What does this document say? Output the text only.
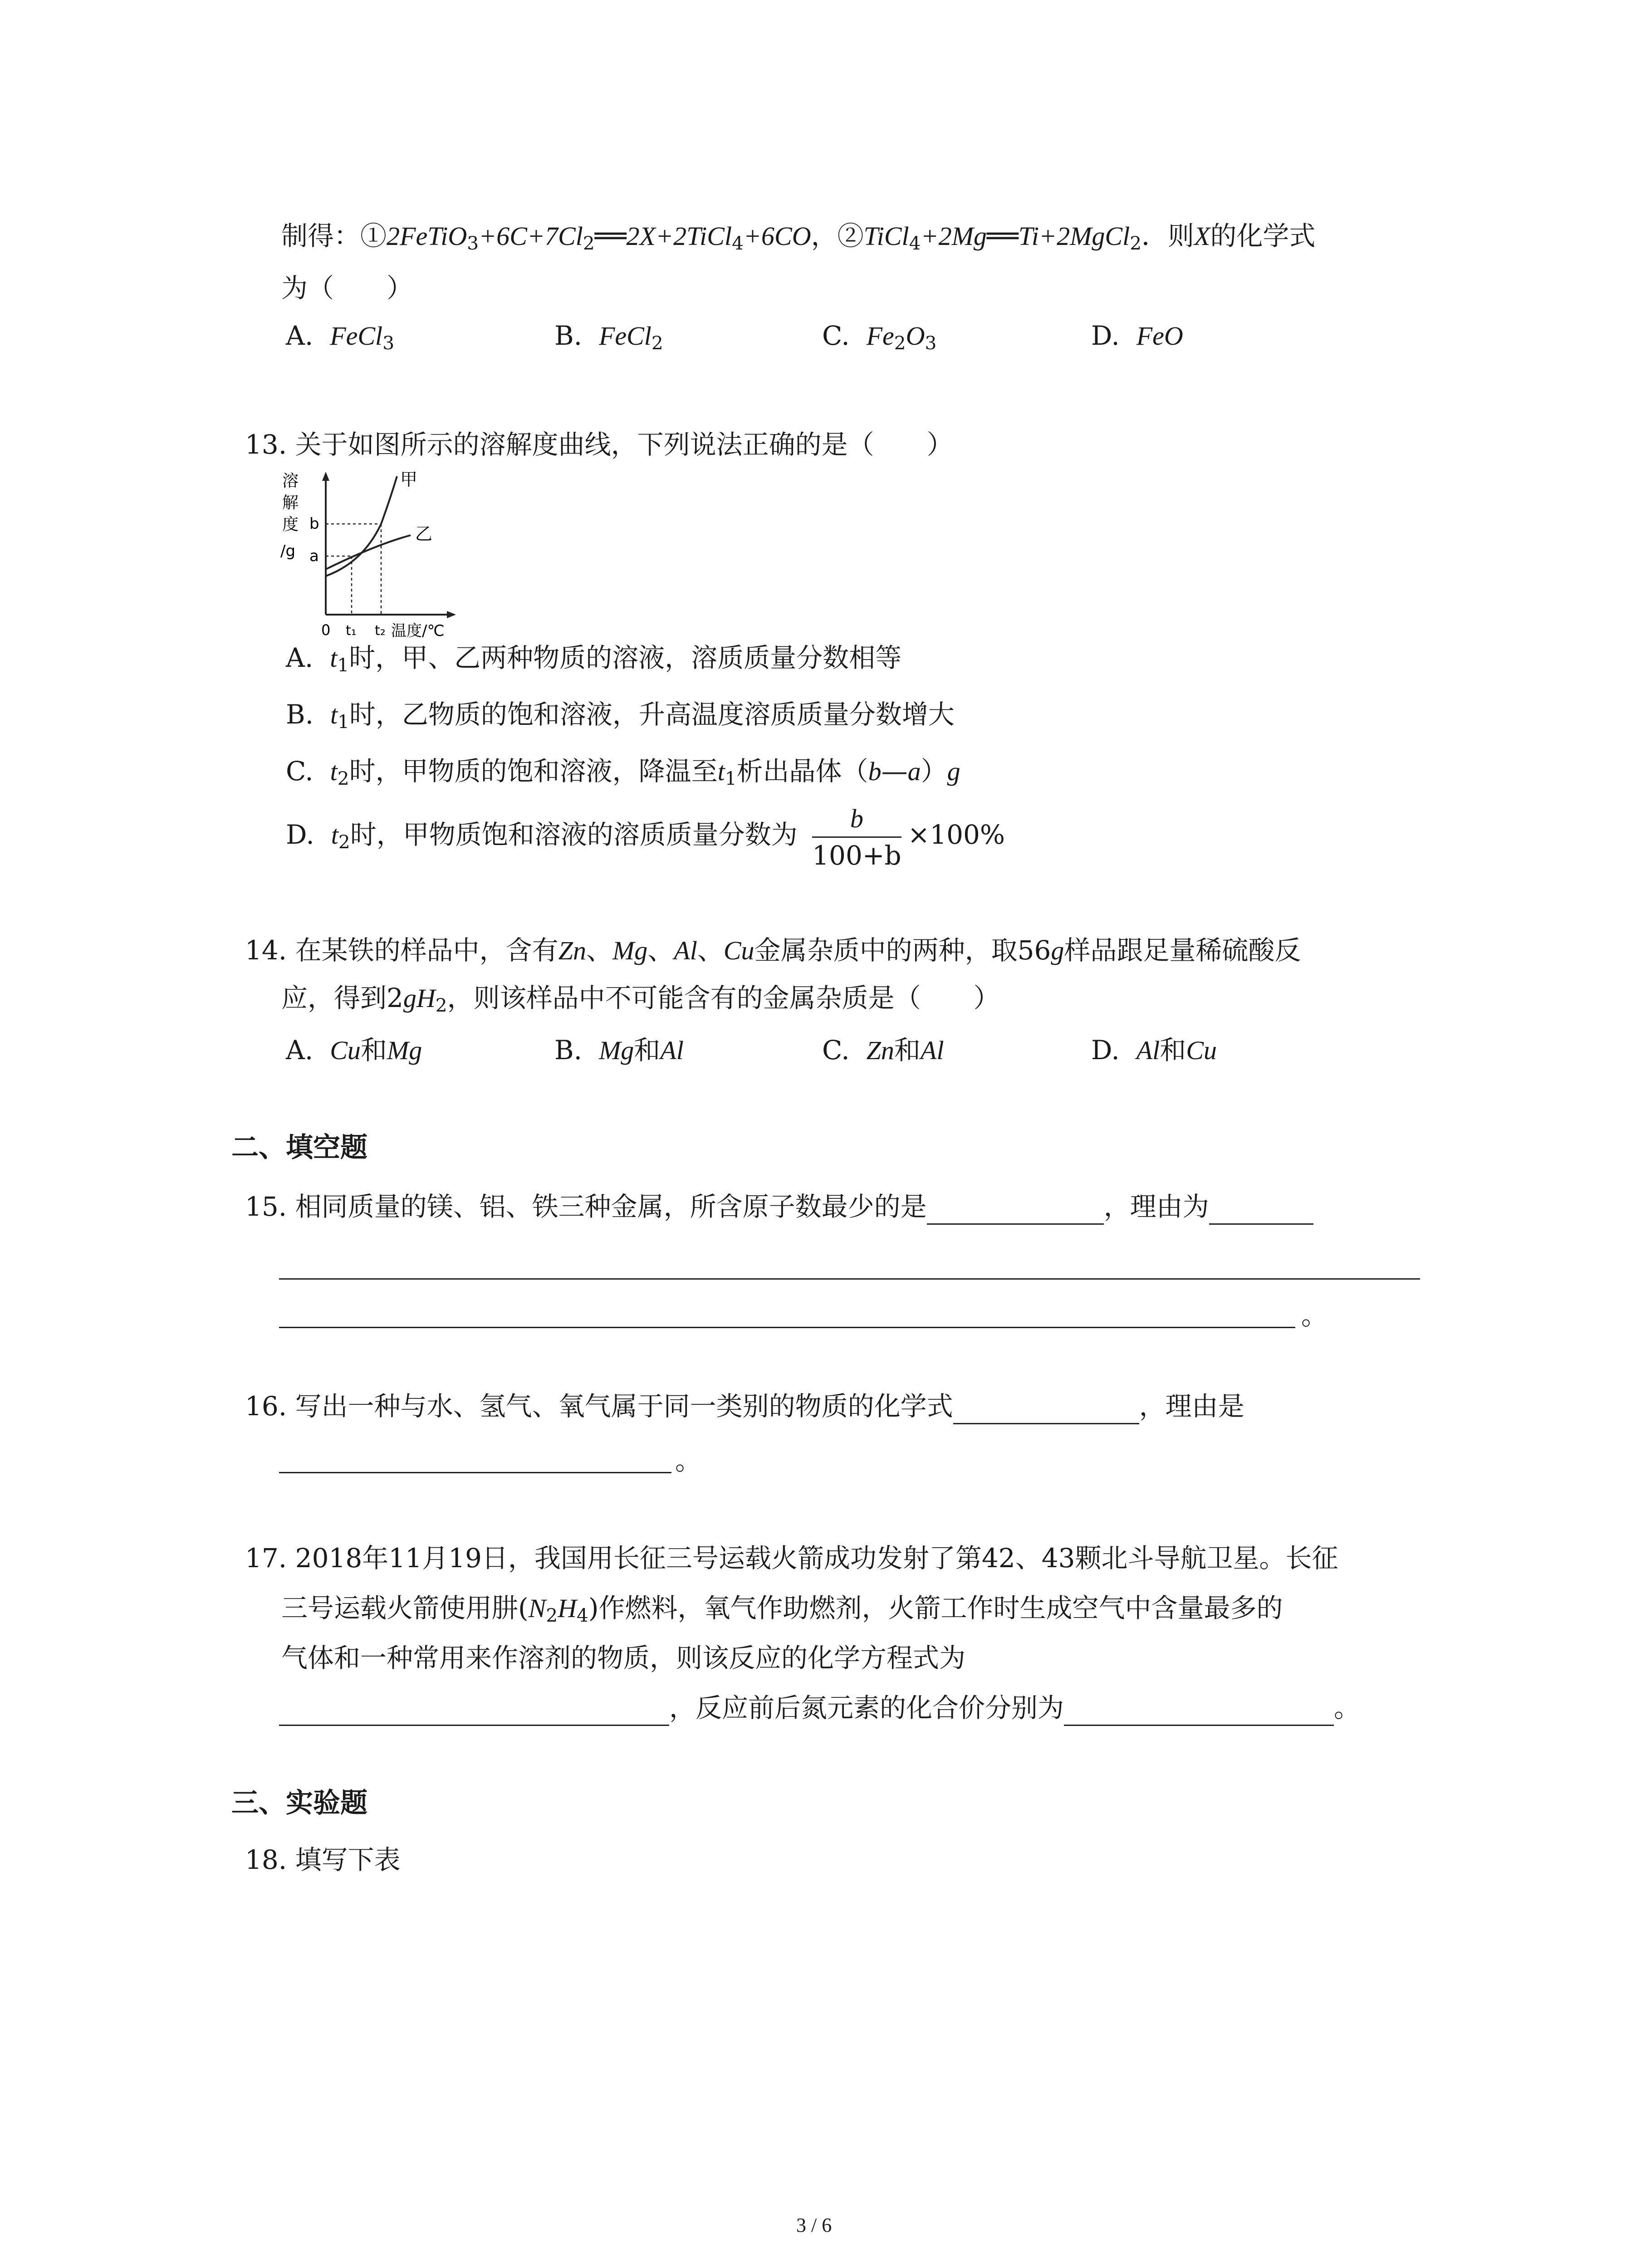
制得：$①2FeTiO_3+6C+7Cl_2══2X+2TiCl_4+6CO$，②TiCl$_4$+2Mg══Ti+2MgCl$_2$．则X的化学式
为（　　）
A. FeCl$_3$	B. FeCl$_2$	C. $Fe_2O_3$	D. FeO
13. 关于如图所示的溶解度曲线，下列说法正确的是（　　）
溶
解
度
/g
甲
乙
b
a
0 t₁ t₂ 温度/℃
A. $t_1$时，甲、乙两种物质的溶液，溶质质量分数相等
B. $t_1$时，乙物质的饱和溶液，升高温度溶质质量分数增大
C. $t_2$时，甲物质的饱和溶液，降温至$t_1$析出晶体（b—a）g
D. $t_2$时，甲物质饱和溶液的溶质质量分数为 $\frac{b}{100+b} \times 100\%$
14. 在某铁的样品中，含有Zn、Mg、Al、Cu金属杂质中的两种，取56g样品跟足量稀硫酸反
应，得到$2gH_2$，则该样品中不可能含有的金属杂质是（　　）
A. Cu和Mg	B. Mg和Al	C. Zn和Al	D. Al和Cu
二、填空题
15. 相同质量的镁、铝、铁三种金属，所含原子数最少的是	，理由为
。
16. 写出一种与水、氢气、氧气属于同一类别的物质的化学式	，理由是
。
17. 2018年11月19日，我国用长征三号运载火箭成功发射了第42、43颗北斗导航卫星。长征
三号运载火箭使用肼$(N_2H_4)$作燃料，氧气作助燃剂，火箭工作时生成空气中含量最多的
气体和一种常用来作溶剂的物质，则该反应的化学方程式为
，反应前后氮元素的化合价分别为	。
三、实验题
18. 填写下表
3 / 6
